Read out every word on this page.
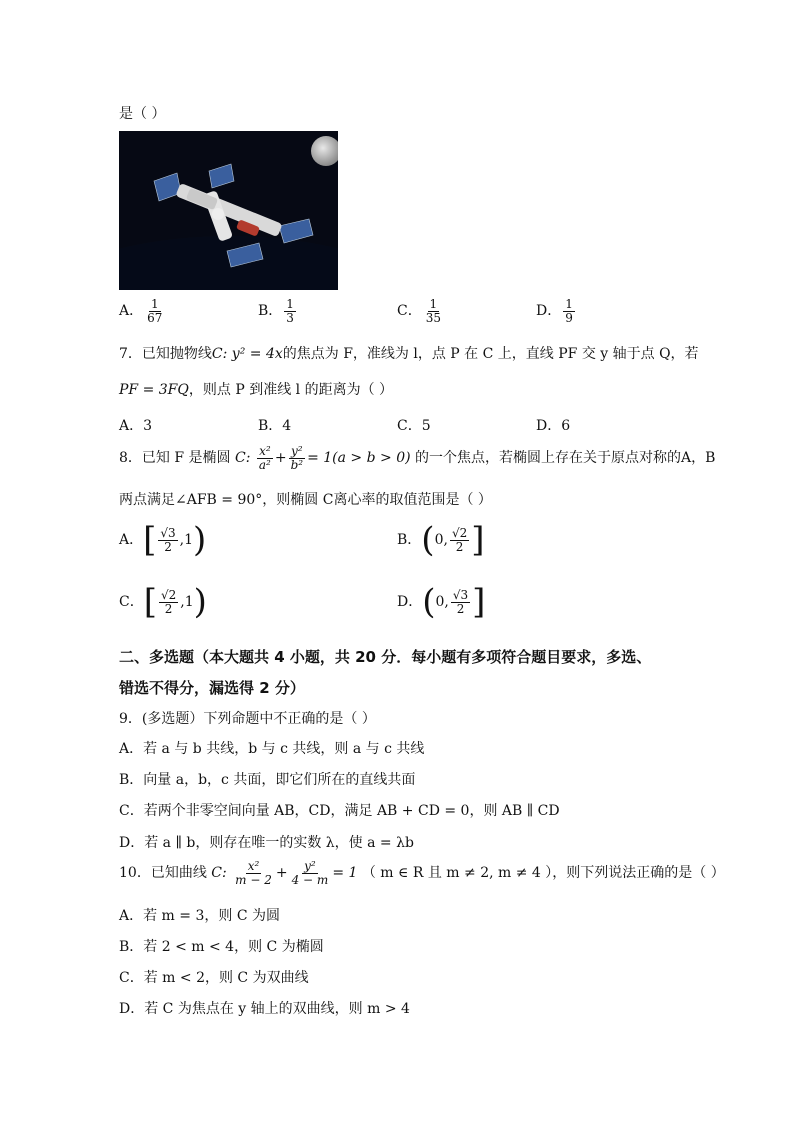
是（ ）
A． $\frac{1}{67}$	B． $\frac{1}{3}$	C． $\frac{1}{35}$	D． $\frac{1}{9}$
7．已知抛物线C: y² = 4x的焦点为 F，准线为 l，点 P 在 C 上，直线 PF 交 y 轴于点 Q，若
PF = 3FQ，则点 P 到准线 l 的距离为（ ）
A．3	B．4	C．5	D．6
8．已知 F 是椭圆 C: $\frac{\text{x²}}{\text{a²}} + \frac{\text{y²}}{\text{b²}} = 1(a > b > 0)$ 的一个焦点，若椭圆上存在关于原点对称的A，B
两点满足∠AFB = 90°，则椭圆 C离心率的取值范围是（ ）
A．[ $\frac{√3}{2} ,1$)	B．(0, $\frac{√2}{2}$ ]
C．[ $\frac{√2}{2} ,1$)	D．(0, $\frac{√3}{2}$ ]
二、多选题（本大题共 4 小题，共 20 分．每小题有多项符合题目要求，多选、
错选不得分，漏选得 2 分）
9．(多选题）下列命题中不正确的是（ ）
A．若 a 与 b 共线，b 与 c 共线，则 a 与 c 共线
B．向量 a，b，c 共面，即它们所在的直线共面
C．若两个非零空间向量 AB，CD，满足 AB + CD = 0，则 AB ∥ CD
D．若 a ∥ b，则存在唯一的实数 λ，使 a = λb
10．已知曲线 C: $\frac{\text{x²}}{m - 2} + \frac{\text{y²}}{4 - m} = 1$ （ m ∈ R 且 m ≠ 2, m ≠ 4 ），则下列说法正确的是（ ）
A．若 m = 3，则 C 为圆
B．若 2 < m < 4，则 C 为椭圆
C．若 m < 2，则 C 为双曲线
D．若 C 为焦点在 y 轴上的双曲线，则 m > 4
